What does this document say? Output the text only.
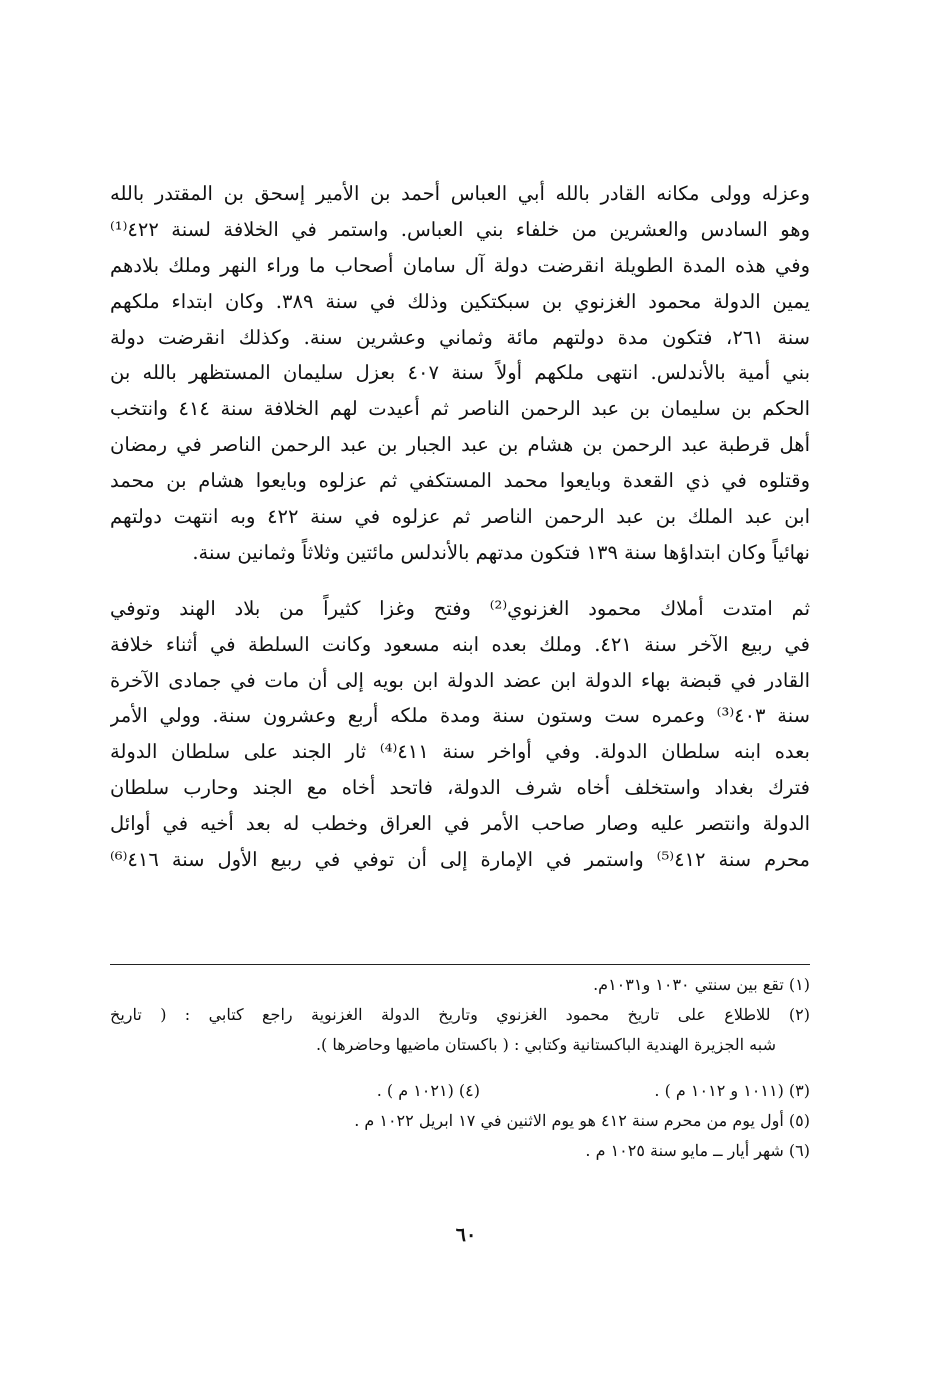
وعزله وولى مكانه القادر بالله أبي العباس أحمد بن الأمير إسحق بن المقتدر بالله
وهو السادس والعشرين من خلفاء بني العباس. واستمر في الخلافة لسنة ٤٢٢⁽¹⁾
وفي هذه المدة الطويلة انقرضت دولة آل سامان أصحاب ما وراء النهر وملك بلادهم
يمين الدولة محمود الغزنوي بن سبكتكين وذلك في سنة ٣٨٩. وكان ابتداء ملكهم
سنة ٢٦١، فتكون مدة دولتهم مائة وثماني وعشرين سنة. وكذلك انقرضت دولة
بني أمية بالأندلس. انتهى ملكهم أولاً سنة ٤٠٧ بعزل سليمان المستظهر بالله بن
الحكم بن سليمان بن عبد الرحمن الناصر ثم أعيدت لهم الخلافة سنة ٤١٤ وانتخب
أهل قرطبة عبد الرحمن بن هشام بن عبد الجبار بن عبد الرحمن الناصر في رمضان
وقتلوه في ذي القعدة وبايعوا محمد المستكفي ثم عزلوه وبايعوا هشام بن محمد
ابن عبد الملك بن عبد الرحمن الناصر ثم عزلوه في سنة ٤٢٢ وبه انتهت دولتهم
نهائياً وكان ابتداؤها سنة ١٣٩ فتكون مدتهم بالأندلس مائتين وثلاثاً وثمانين سنة.
ثم امتدت أملاك محمود الغزنوي⁽²⁾ وفتح وغزا كثيراً من بلاد الهند وتوفي
في ربيع الآخر سنة ٤٢١. وملك بعده ابنه مسعود وكانت السلطة في أثناء خلافة
القادر في قبضة بهاء الدولة ابن عضد الدولة ابن بويه إلى أن مات في جمادى الآخرة
سنة ٤٠٣⁽³⁾ وعمره ست وستون سنة ومدة ملكه أربع وعشرون سنة. وولي الأمر
بعده ابنه سلطان الدولة. وفي أواخر سنة ٤١١⁽⁴⁾ ثار الجند على سلطان الدولة
فترك بغداد واستخلف أخاه شرف الدولة، فاتحد أخاه مع الجند وحارب سلطان
الدولة وانتصر عليه وصار صاحب الأمر في العراق وخطب له بعد أخيه في أوائل
محرم سنة ٤١٢⁽⁵⁾ واستمر في الإمارة إلى أن توفي في ربيع الأول سنة ٤١٦⁽⁶⁾
(١) تقع بين سنتي ١٠٣٠ و١٠٣١م.
(٢) للاطلاع على تاريخ محمود الغزنوي وتاريخ الدولة الغزنوية راجع كتابي : ( تاريخ
شبه الجزيرة الهندية الباكستانية وكتابي : ( باكستان ماضيها وحاضرها ).
(٣) (١٠١١ و ١٠١٢ م ) .
(٤) (١٠٢١ م ) .
(٥) أول يوم من محرم سنة ٤١٢ هو يوم الاثنين في ١٧ ابريل ١٠٢٢ م .
(٦) شهر أيار ــ مايو سنة ١٠٢٥ م .
٦٠
